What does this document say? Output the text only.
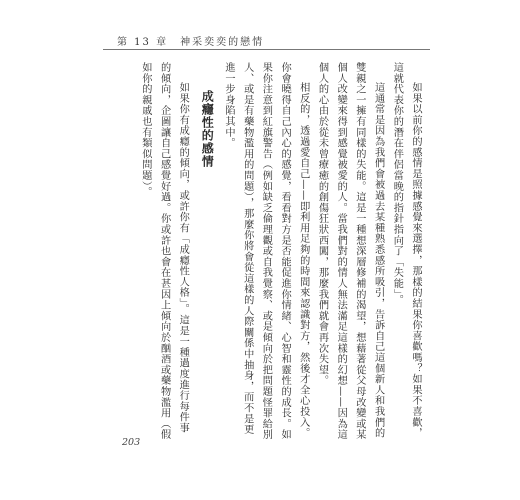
第 13 章　神采奕奕的戀情

如果以前你的感情是照據感覺來選擇，那樣的結果你喜歡嗎？如果不喜歡，這就代表你的潛在伴侶當晚的指針指向了「失能」。

這通常是因為我們會被過去某種熟悉感所吸引，告訴自己這個新人和我們的雙親之一擁有同樣的失能。這是一種想深層修補的渴望，想藉著從父母改變或某個人改變來得到感覺被愛的人。當我們對的情人無法滿足這樣的幻想——因為這個人的心由於從未曾療癒的創傷狂狀西闖，那麼我們就會再次失望。

相反的，透過愛自己——即利用足夠的時間來認識對方，然後才全心投入。你會曉得自己內心的感覺，看看對方是否能促進你情緒、心智和靈性的成長。如果你注意到紅旗警告（例如缺乏倫理觀或自我覺察、或是傾向於把問題怪罪給別人、或是有藥物濫用的問題），那麼你將會從這樣的人際關係中抽身，而不是更進一步身陷其中。

成癮性的感情

如果你有成癮的傾向，或許你有「成癮性人格」。這是一種過度進行每件事的傾向，企圖讓自己感覺好過。你或許也會在甚因上傾向於酗酒或藥物濫用（假如你的親戚也有類似問題）。

203
